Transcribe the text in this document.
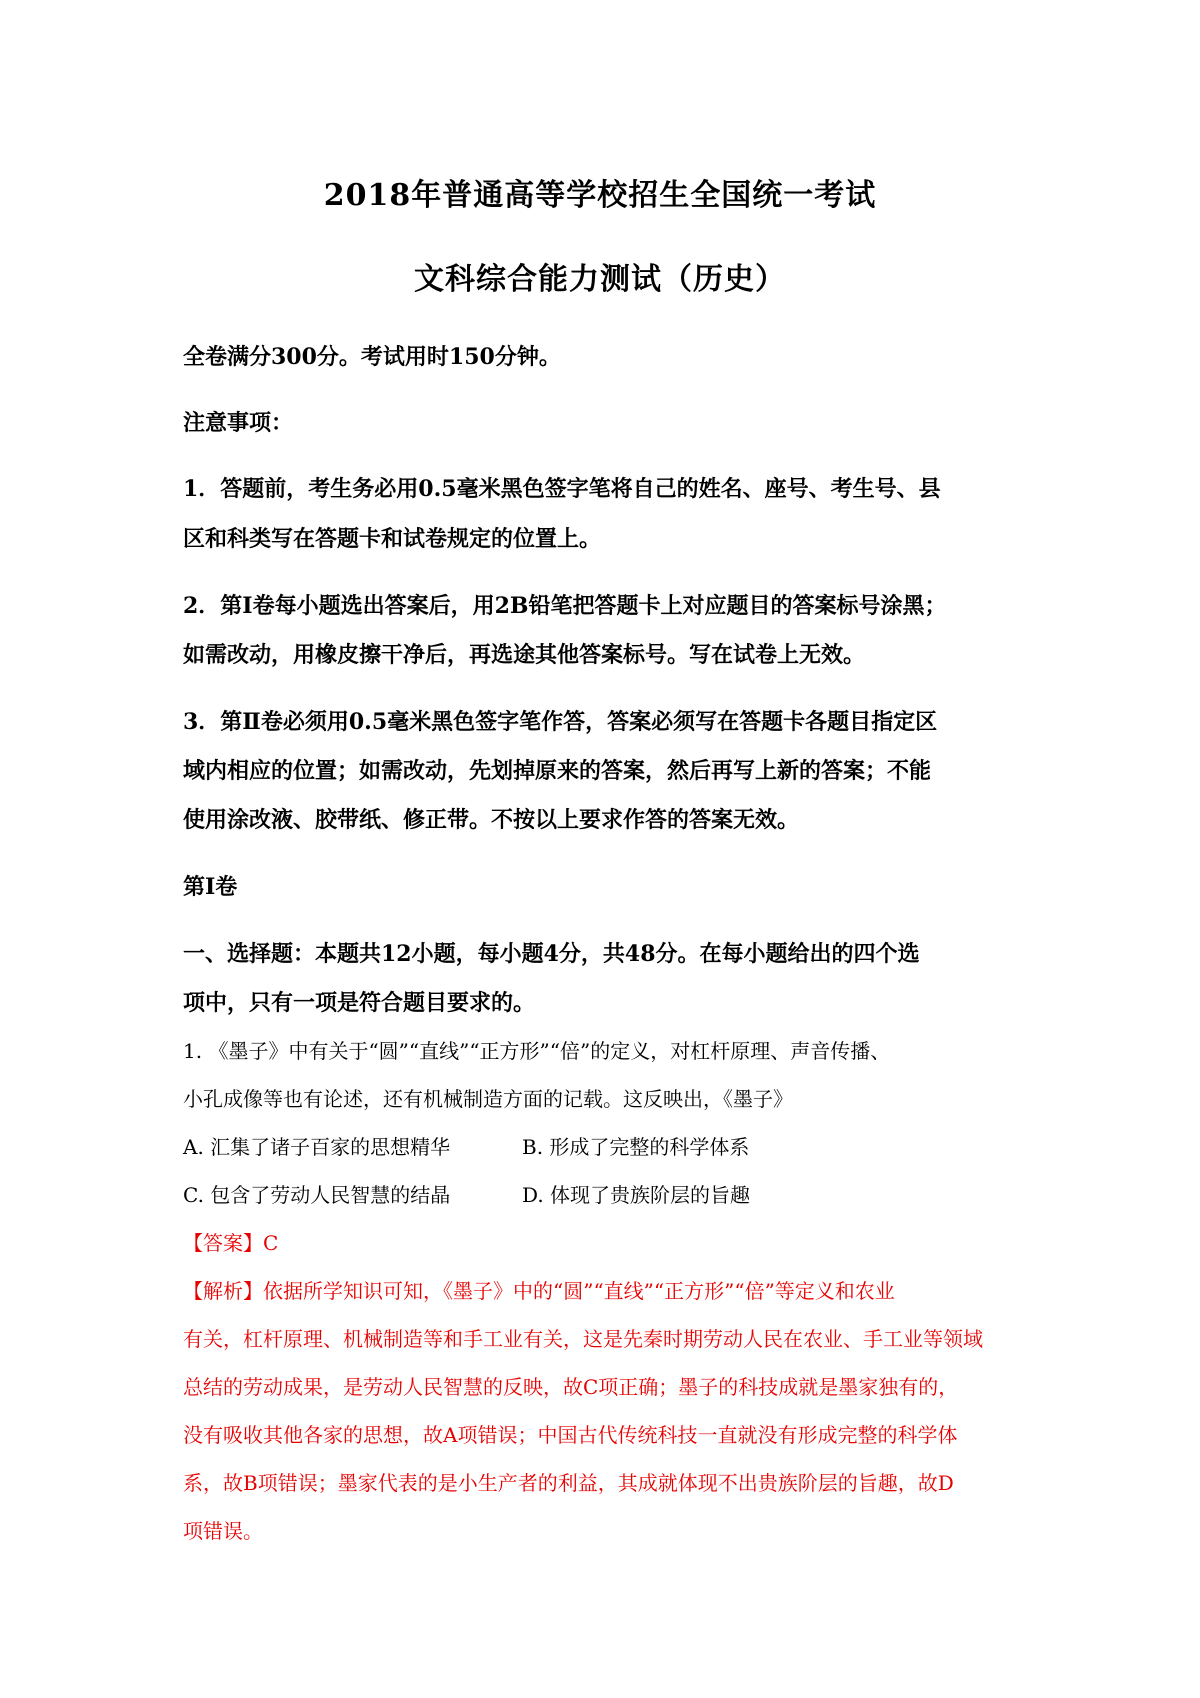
2018年普通高等学校招生全国统一考试
文科综合能力测试（历史）
全卷满分300分。考试用时150分钟。
注意事项：
1．答题前，考生务必用0.5毫米黑色签字笔将自己的姓名、座号、考生号、县
区和科类写在答题卡和试卷规定的位置上。
2．第Ⅰ卷每小题选出答案后，用2B铅笔把答题卡上对应题目的答案标号涂黑；
如需改动，用橡皮擦干净后，再选途其他答案标号。写在试卷上无效。
3．第Ⅱ卷必须用0.5毫米黑色签字笔作答，答案必须写在答题卡各题目指定区
域内相应的位置；如需改动，先划掉原来的答案，然后再写上新的答案；不能
使用涂改液、胶带纸、修正带。不按以上要求作答的答案无效。
第Ⅰ卷
一、选择题：本题共12小题，每小题4分，共48分。在每小题给出的四个选
项中，只有一项是符合题目要求的。
1. 《墨子》中有关于“圆”“直线”“正方形”“倍”的定义，对杠杆原理、声音传播、
小孔成像等也有论述，还有机械制造方面的记载。这反映出，《墨子》
A. 汇集了诸子百家的思想精华	B. 形成了完整的科学体系
C. 包含了劳动人民智慧的结晶	D. 体现了贵族阶层的旨趣
【答案】C
【解析】依据所学知识可知，《墨子》中的“圆”“直线”“正方形”“倍”等定义和农业
有关，杠杆原理、机械制造等和手工业有关，这是先秦时期劳动人民在农业、手工业等领域
总结的劳动成果，是劳动人民智慧的反映，故C项正确；墨子的科技成就是墨家独有的，
没有吸收其他各家的思想，故A项错误；中国古代传统科技一直就没有形成完整的科学体
系，故B项错误；墨家代表的是小生产者的利益，其成就体现不出贵族阶层的旨趣，故D
项错误。
